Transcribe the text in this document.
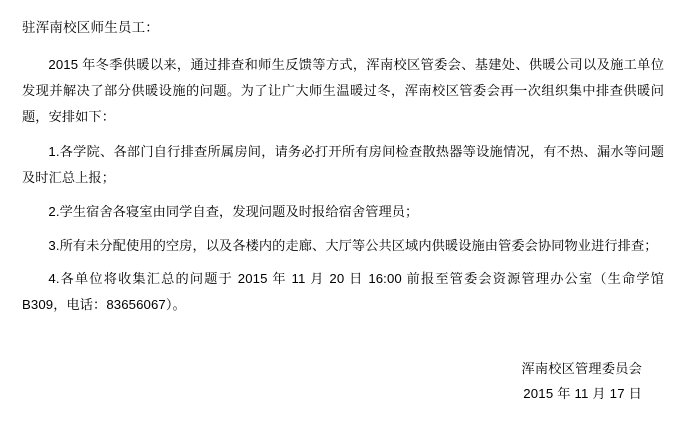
驻浑南校区师生员工：

2015 年冬季供暖以来，通过排查和师生反馈等方式，浑南校区管委会、基建处、供暖公司以及施工单位发现并解决了部分供暖设施的问题。为了让广大师生温暖过冬，浑南校区管委会再一次组织集中排查供暖问题，安排如下：

1.各学院、各部门自行排查所属房间，请务必打开所有房间检查散热器等设施情况，有不热、漏水等问题及时汇总上报；

2.学生宿舍各寝室由同学自查，发现问题及时报给宿舍管理员；

3.所有未分配使用的空房，以及各楼内的走廊、大厅等公共区域内供暖设施由管委会协同物业进行排查；

4.各单位将收集汇总的问题于 2015 年 11 月 20 日 16:00 前报至管委会资源管理办公室（生命学馆 B309，电话：83656067）。

浑南校区管理委员会
2015 年 11 月 17 日
